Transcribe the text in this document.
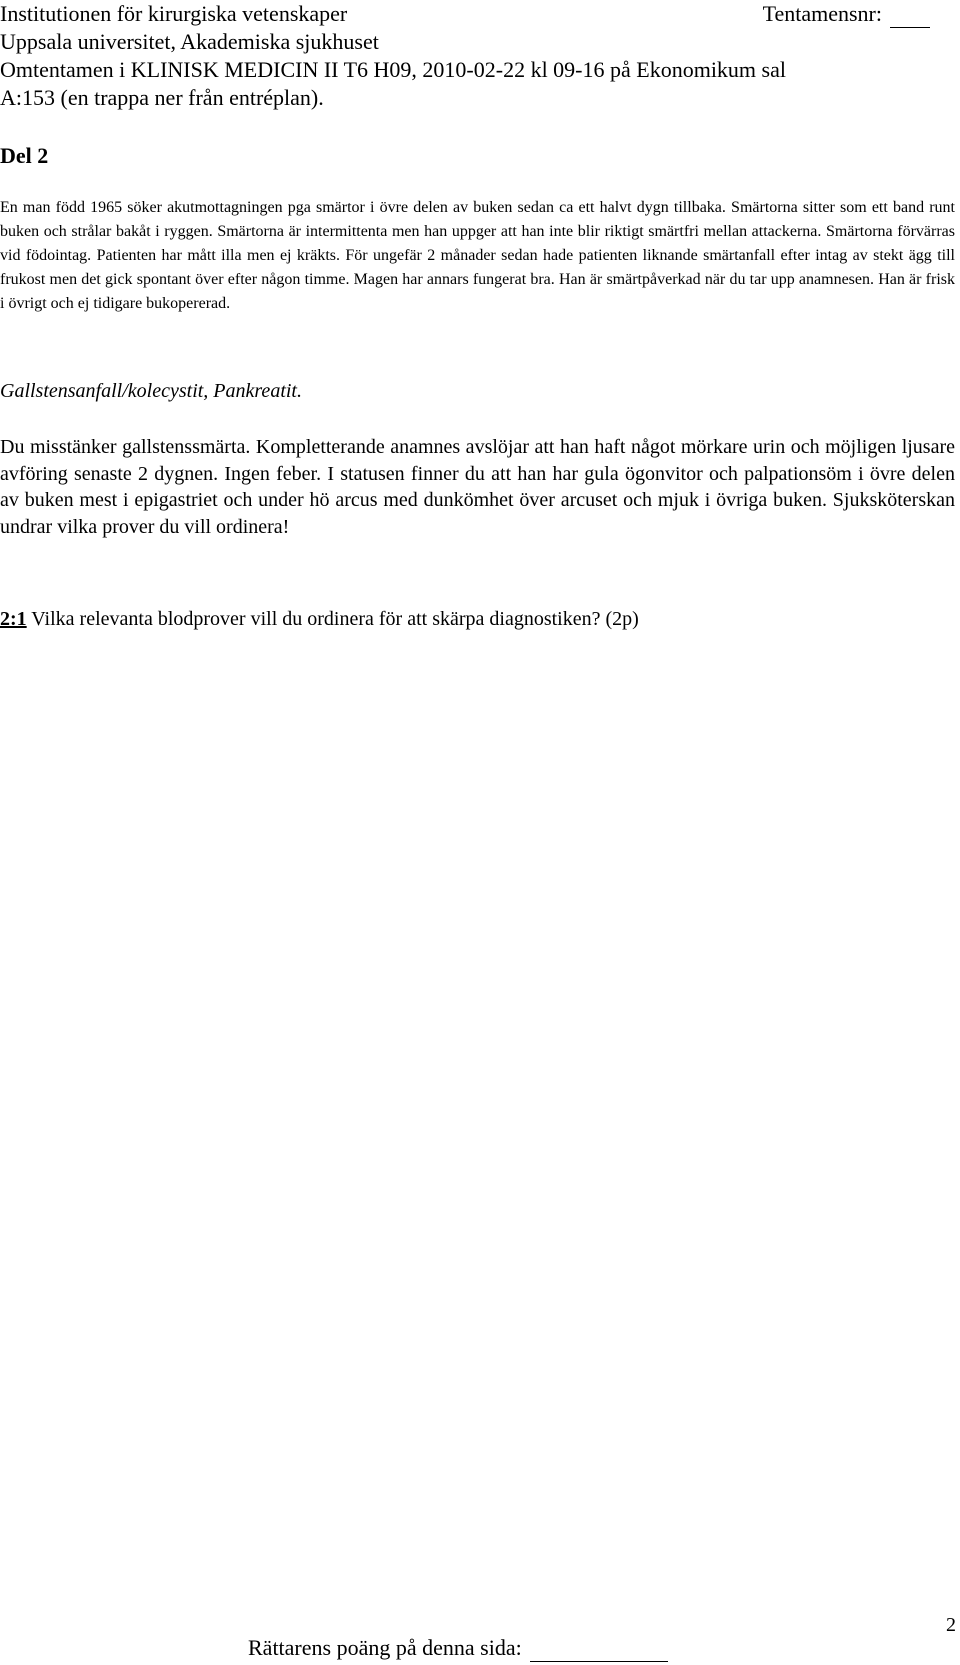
Institutionen för kirurgiska vetenskaper	Tentamensnr:
Uppsala universitet, Akademiska sjukhuset
Omtentamen i KLINISK MEDICIN II T6 H09, 2010-02-22 kl 09-16 på Ekonomikum sal
A:153 (en trappa ner från entréplan).
Del 2
En man född 1965 söker akutmottagningen pga smärtor i övre delen av buken sedan ca ett halvt dygn tillbaka. Smärtorna sitter som ett band runt buken och strålar bakåt i ryggen. Smärtorna är intermittenta men han uppger att han inte blir riktigt smärtfri mellan attackerna. Smärtorna förvärras vid födointag. Patienten har mått illa men ej kräkts. För ungefär 2 månader sedan hade patienten liknande smärtanfall efter intag av stekt ägg till frukost men det gick spontant över efter någon timme. Magen har annars fungerat bra. Han är smärtpåverkad när du tar upp anamnesen. Han är frisk i övrigt och ej tidigare bukopererad.
Gallstensanfall/kolecystit, Pankreatit.
Du misstänker gallstenssmärta. Kompletterande anamnes avslöjar att han haft något mörkare urin och möjligen ljusare avföring senaste 2 dygnen. Ingen feber. I statusen finner du att han har gula ögonvitor och palpationsöm i övre delen av buken mest i epigastriet och under hö arcus med dunkömhet över arcuset och mjuk i övriga buken. Sjuksköterskan undrar vilka prover du vill ordinera!
2:1 Vilka relevanta blodprover vill du ordinera för att skärpa diagnostiken? (2p)
2
Rättarens poäng på denna sida:
